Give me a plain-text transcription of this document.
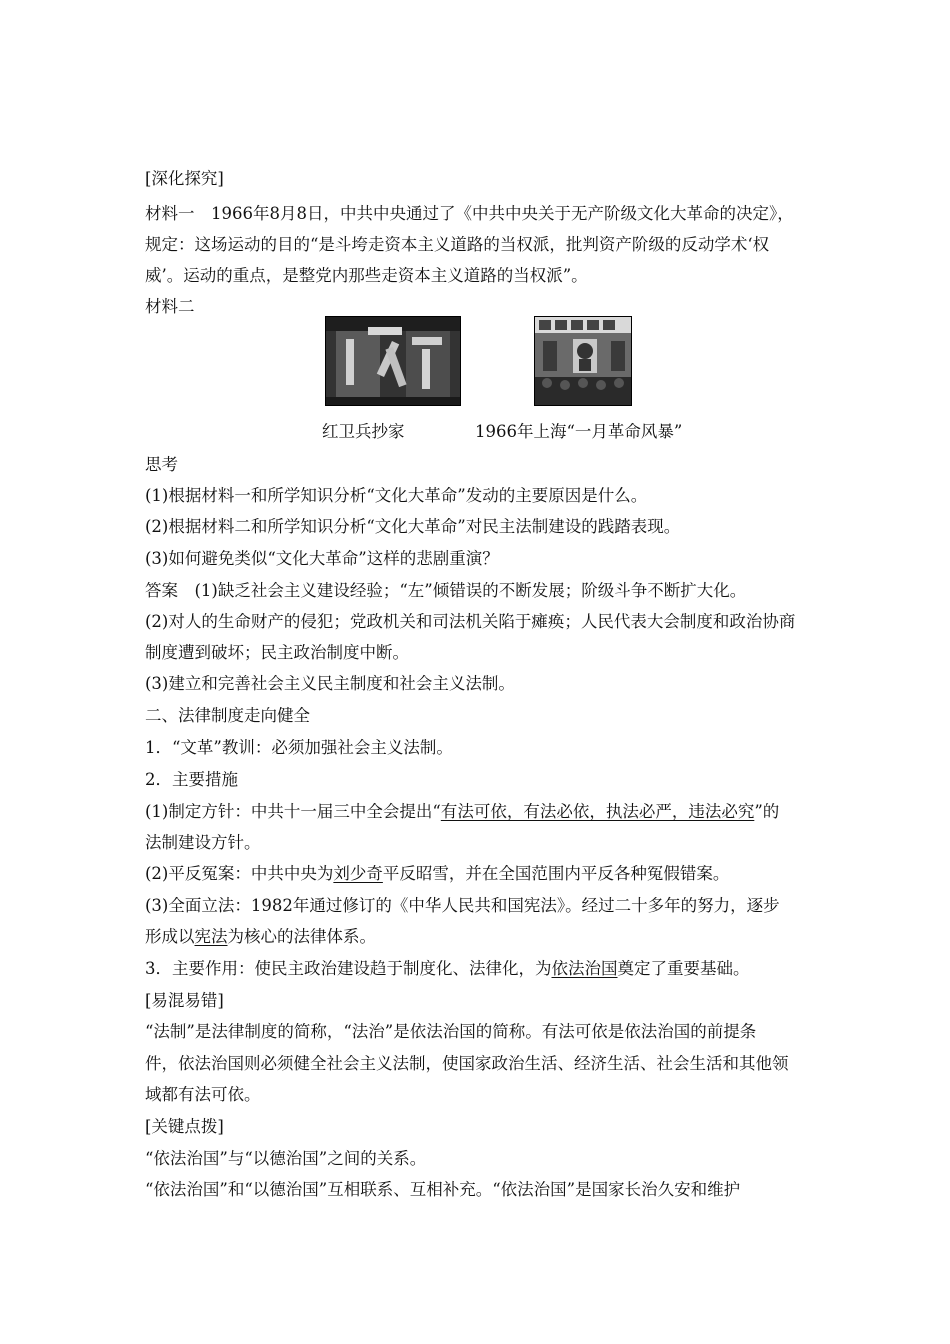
[深化探究]
材料一　1966年8月8日，中共中央通过了《中共中央关于无产阶级文化大革命的决定》，
规定：这场运动的目的“是斗垮走资本主义道路的当权派，批判资产阶级的反动学术‘权
威’。运动的重点，是整党内那些走资本主义道路的当权派”。
材料二
红卫兵抄家	1966年上海“一月革命风暴”
思考
(1)根据材料一和所学知识分析“文化大革命”发动的主要原因是什么。
(2)根据材料二和所学知识分析“文化大革命”对民主法制建设的践踏表现。
(3)如何避免类似“文化大革命”这样的悲剧重演？
答案　(1)缺乏社会主义建设经验；“左”倾错误的不断发展；阶级斗争不断扩大化。
(2)对人的生命财产的侵犯；党政机关和司法机关陷于瘫痪；人民代表大会制度和政治协商
制度遭到破坏；民主政治制度中断。
(3)建立和完善社会主义民主制度和社会主义法制。
二、法律制度走向健全
1．“文革”教训：必须加强社会主义法制。
2．主要措施
(1)制定方针：中共十一届三中全会提出“有法可依，有法必依，执法必严，违法必究”的
法制建设方针。
(2)平反冤案：中共中央为刘少奇平反昭雪，并在全国范围内平反各种冤假错案。
(3)全面立法：1982年通过修订的《中华人民共和国宪法》。经过二十多年的努力，逐步
形成以宪法为核心的法律体系。
3．主要作用：使民主政治建设趋于制度化、法律化，为依法治国奠定了重要基础。
[易混易错]
“法制”是法律制度的简称，“法治”是依法治国的简称。有法可依是依法治国的前提条
件，依法治国则必须健全社会主义法制，使国家政治生活、经济生活、社会生活和其他领
域都有法可依。
[关键点拨]
“依法治国”与“以德治国”之间的关系。
“依法治国”和“以德治国”互相联系、互相补充。“依法治国”是国家长治久安和维护
